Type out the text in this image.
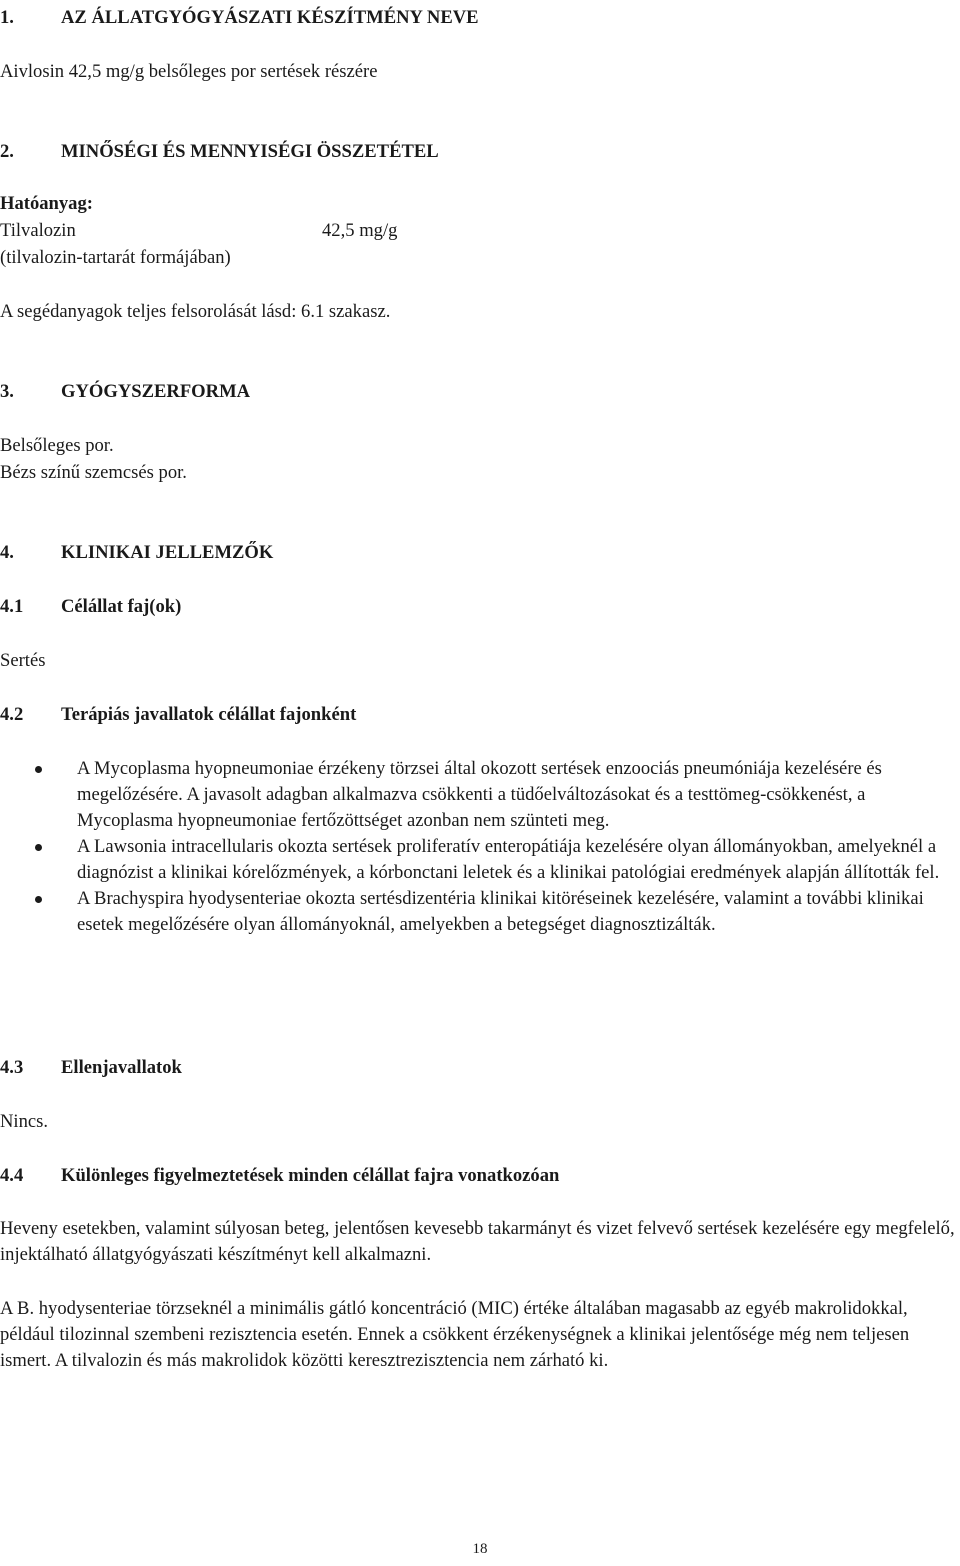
1.	AZ ÁLLATGYÓGYÁSZATI KÉSZÍTMÉNY NEVE
Aivlosin 42,5 mg/g belsőleges por sertések részére
2.	MINŐSÉGI ÉS MENNYISÉGI ÖSSZETÉTEL
Hatóanyag:
Tilvalozin	42,5 mg/g
(tilvalozin-tartarát formájában)
A segédanyagok teljes felsorolását lásd: 6.1 szakasz.
3.	GYÓGYSZERFORMA
Belsőleges por.
Bézs színű szemcsés por.
4.	KLINIKAI JELLEMZŐK
4.1 Célállat faj(ok)
Sertés
4.2 Terápiás javallatok célállat fajonként
A Mycoplasma hyopneumoniae érzékeny törzsei által okozott sertések enzoociás pneumóniája kezelésére és megelőzésére. A javasolt adagban alkalmazva csökkenti a tüdőelváltozásokat és a testtömeg-csökkenést, a Mycoplasma hyopneumoniae fertőzöttséget azonban nem szünteti meg.
A Lawsonia intracellularis okozta sertések proliferatív enteropátiája kezelésére olyan állományokban, amelyeknél a diagnózist a klinikai kórelőzmények, a kórbonctani leletek és a klinikai patológiai eredmények alapján állították fel.
A Brachyspira hyodysenteriae okozta sertésdizentéria klinikai kitöréseinek kezelésére, valamint a további klinikai esetek megelőzésére olyan állományoknál, amelyekben a betegséget diagnosztizálták.
4.3 Ellenjavallatok
Nincs.
4.4 Különleges figyelmeztetések minden célállat fajra vonatkozóan
Heveny esetekben, valamint súlyosan beteg, jelentősen kevesebb takarmányt és vizet felvevő sertések kezelésére egy megfelelő, injektálható állatgyógyászati készítményt kell alkalmazni.
A B. hyodysenteriae törzseknél a minimális gátló koncentráció (MIC) értéke általában magasabb az egyéb makrolidokkal, például tilozinnal szembeni rezisztencia esetén. Ennek a csökkent érzékenységnek a klinikai jelentősége még nem teljesen ismert. A tilvalozin és más makrolidok közötti keresztrezisztencia nem zárható ki.
18
